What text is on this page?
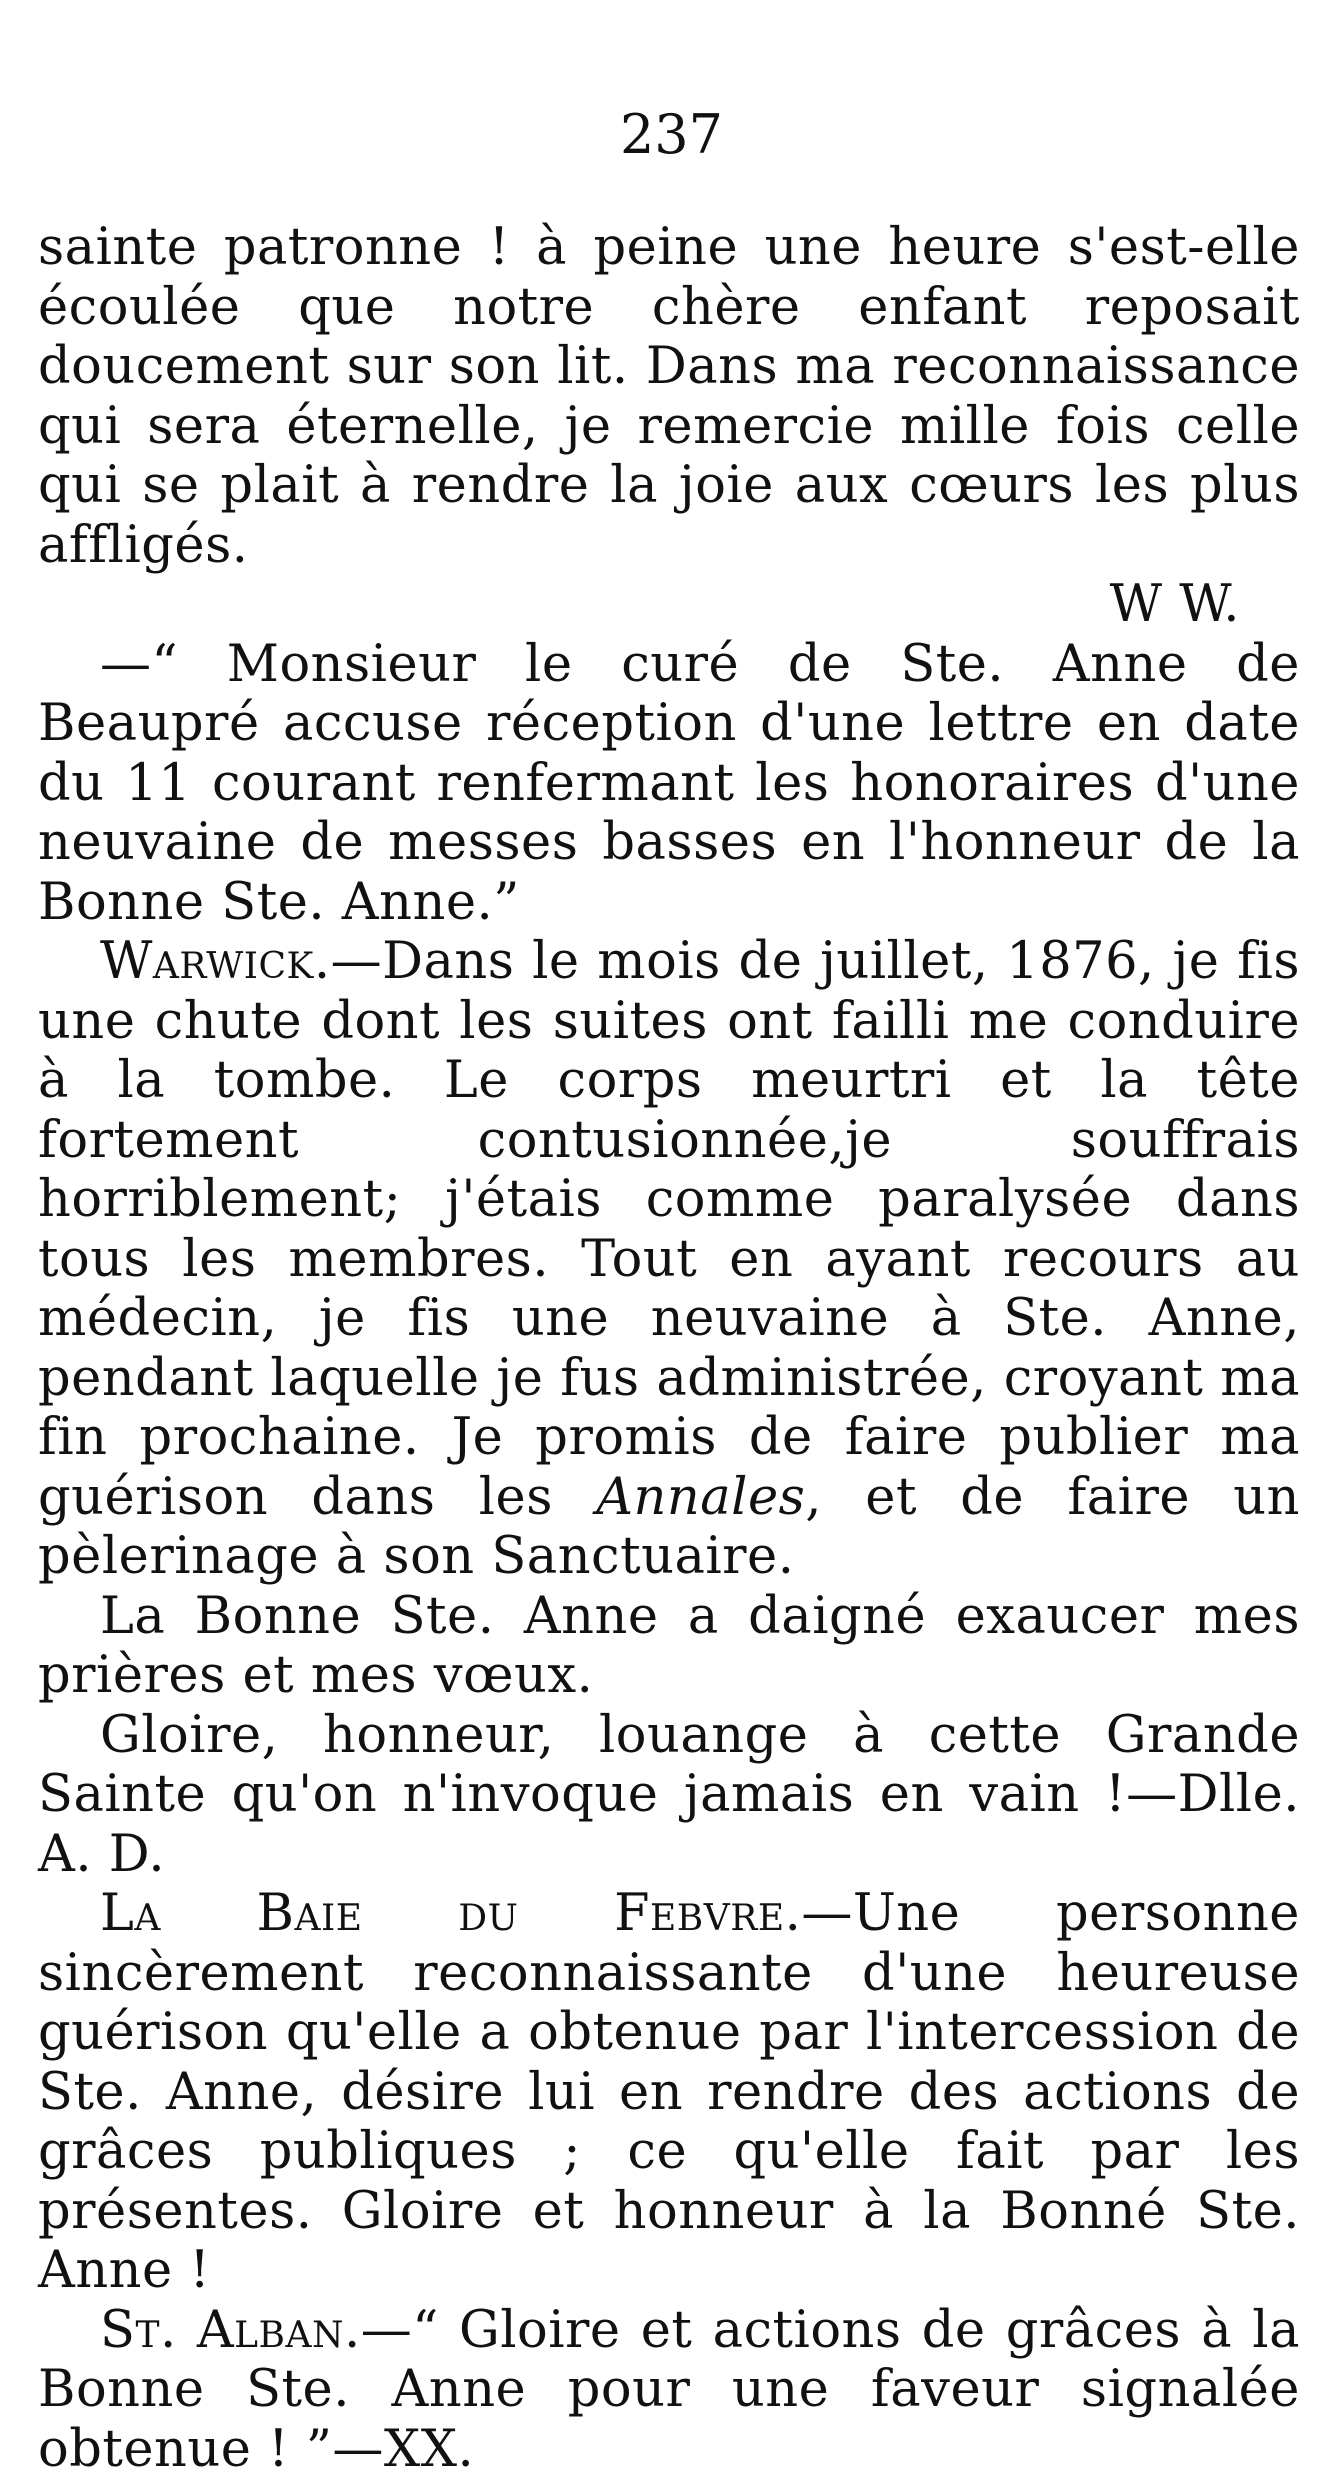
237

sainte patronne ! à peine une heure s'est-elle écoulée que notre chère enfant reposait doucement sur son lit. Dans ma reconnaissance qui sera éternelle, je remercie mille fois celle qui se plait à rendre la joie aux cœurs les plus affligés.

W W.

—“ Monsieur le curé de Ste. Anne de Beaupré accuse réception d'une lettre en date du 11 courant renfermant les honoraires d'une neuvaine de messes basses en l'honneur de la Bonne Ste. Anne.”

Warwick.—Dans le mois de juillet, 1876, je fis une chute dont les suites ont failli me conduire à la tombe. Le corps meurtri et la tête fortement contusionnée,je souffrais horriblement; j'étais comme paralysée dans tous les membres. Tout en ayant recours au médecin, je fis une neuvaine à Ste. Anne, pendant laquelle je fus administrée, croyant ma fin prochaine. Je promis de faire publier ma guérison dans les Annales, et de faire un pèlerinage à son Sanctuaire.

La Bonne Ste. Anne a daigné exaucer mes prières et mes vœux.

Gloire, honneur, louange à cette Grande Sainte qu'on n'invoque jamais en vain !—Dlle. A. D.

La Baie du Febvre.—Une personne sincèrement reconnaissante d'une heureuse guérison qu'elle a obtenue par l'intercession de Ste. Anne, désire lui en rendre des actions de grâces publiques ; ce qu'elle fait par les présentes. Gloire et honneur à la Bonné Ste. Anne !

St. Alban.—“ Gloire et actions de grâces à la Bonne Ste. Anne pour une faveur signalée obtenue ! ”—XX.
